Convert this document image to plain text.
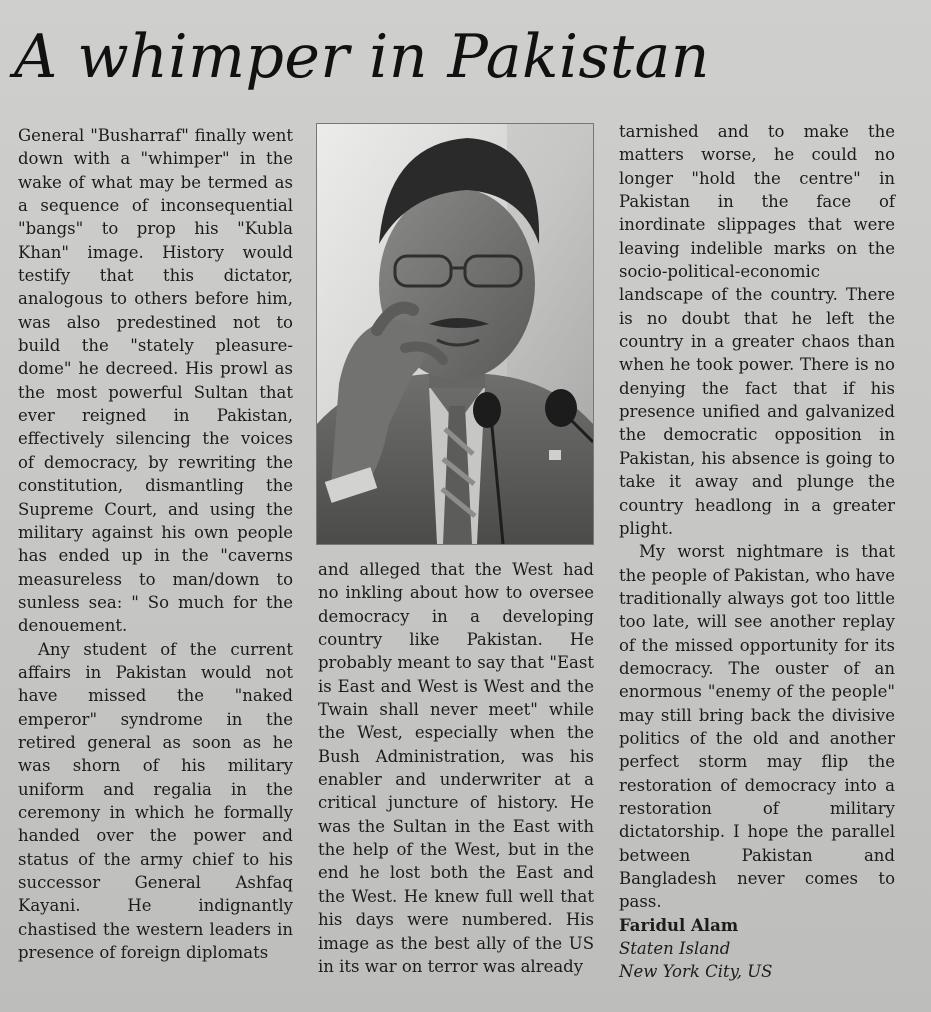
A whimper in Pakistan

General "Busharraf" finally went down with a "whimper" in the wake of what may be termed as a sequence of inconsequential "bangs" to prop his "Kubla Khan" image. History would testify that this dictator, analogous to others before him, was also predestined not to build the "stately pleasure-dome" he decreed. His prowl as the most powerful Sultan that ever reigned in Pakistan, effectively silencing the voices of democracy, by rewriting the constitution, dismantling the Supreme Court, and using the military against his own people has ended up in the "caverns measureless to man/down to sunless sea: " So much for the denouement.

Any student of the current affairs in Pakistan would not have missed the "naked emperor" syndrome in the retired general as soon as he was shorn of his military uniform and regalia in the ceremony in which he formally handed over the power and status of the army chief to his successor General Ashfaq Kayani. He indignantly chastised the western leaders in presence of foreign diplomats

and alleged that the West had no inkling about how to oversee democracy in a developing country like Pakistan. He probably meant to say that "East is East and West is West and the Twain shall never meet" while the West, especially when the Bush Administration, was his enabler and underwriter at a critical juncture of history. He was the Sultan in the East with the help of the West, but in the end he lost both the East and the West. He knew full well that his days were numbered. His image as the best ally of the US in its war on terror was already

tarnished and to make the matters worse, he could no longer "hold the centre" in Pakistan in the face of inordinate slippages that were leaving indelible marks on the socio-political-economic landscape of the country. There is no doubt that he left the country in a greater chaos than when he took power. There is no denying the fact that if his presence unified and galvanized the democratic opposition in Pakistan, his absence is going to take it away and plunge the country headlong in a greater plight.

My worst nightmare is that the people of Pakistan, who have traditionally always got too little too late, will see another replay of the missed opportunity for its democracy. The ouster of an enormous "enemy of the people" may still bring back the divisive politics of the old and another perfect storm may flip the restoration of democracy into a restoration of military dictatorship. I hope the parallel between Pakistan and Bangladesh never comes to pass.

Faridul Alam

Staten Island

New York City, US
